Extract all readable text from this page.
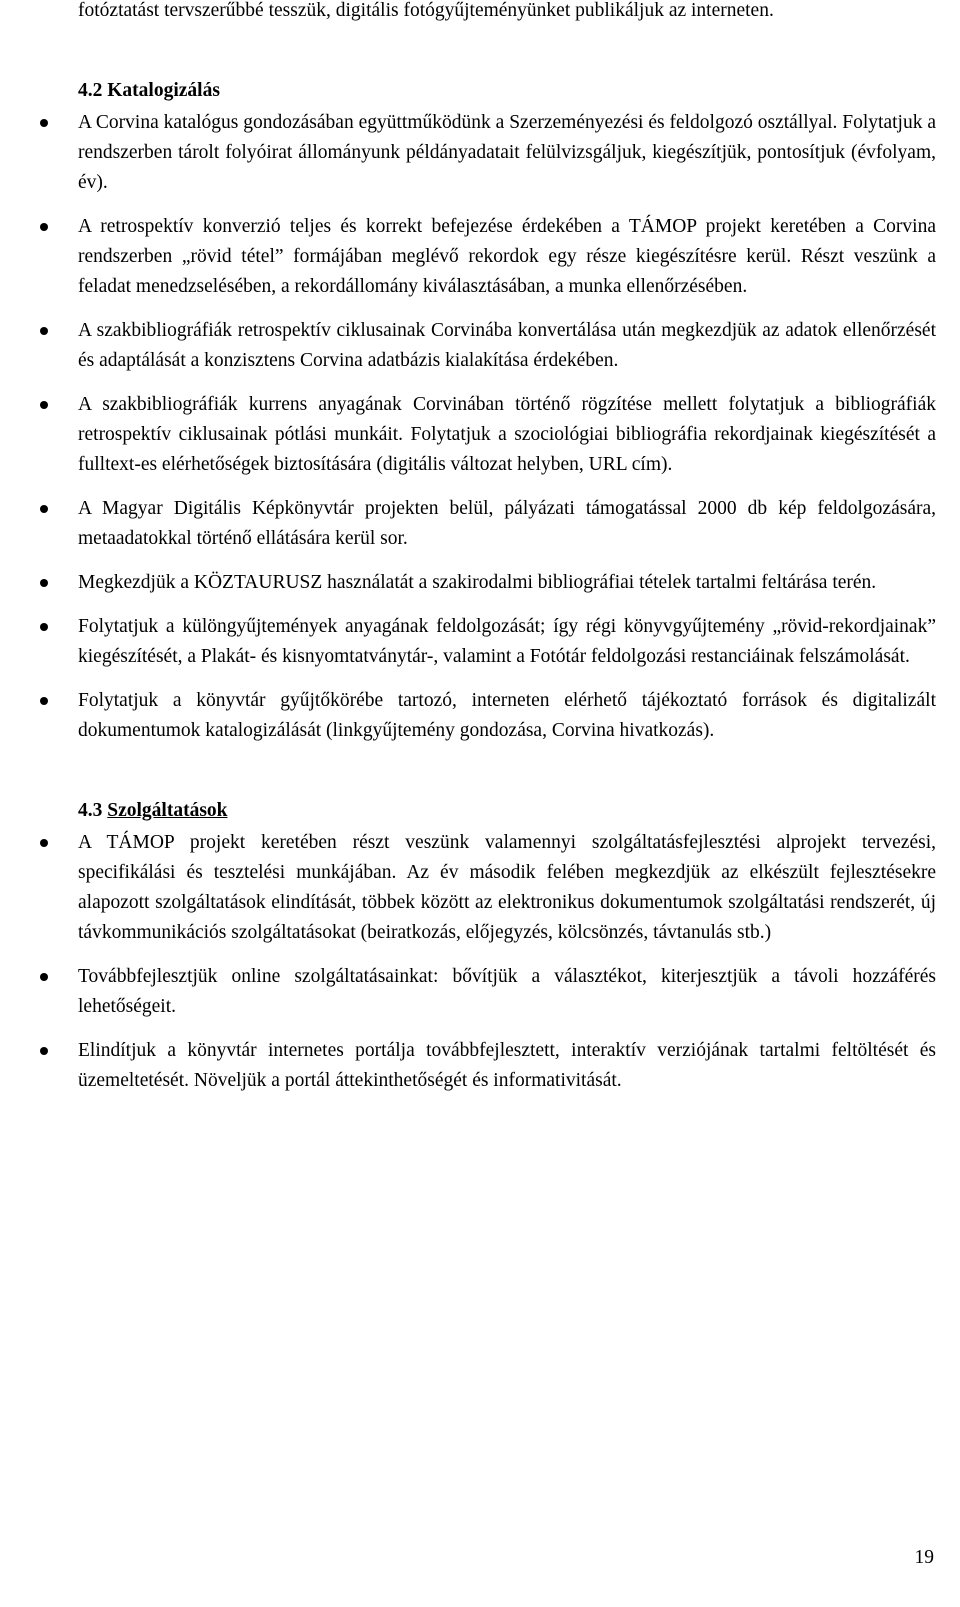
fotóztatást tervszerűbbé tesszük, digitális fotógyűjteményünket publikáljuk az interneten.

4.2 Katalogizálás
A Corvina katalógus gondozásában együttműködünk a Szerzeményezési és feldolgozó osztállyal. Folytatjuk a rendszerben tárolt folyóirat állományunk példányadatait felülvizsgáljuk, kiegészítjük, pontosítjuk (évfolyam, év).
A retrospektív konverzió teljes és korrekt befejezése érdekében a TÁMOP projekt keretében a Corvina rendszerben „rövid tétel” formájában meglévő rekordok egy része kiegészítésre kerül. Részt veszünk a feladat menedzselésében, a rekordállomány kiválasztásában, a munka ellenőrzésében.
A szakbibliográfiák retrospektív ciklusainak Corvinába konvertálása után megkezdjük az adatok ellenőrzését és adaptálását a konzisztens Corvina adatbázis kialakítása érdekében.
A szakbibliográfiák kurrens anyagának Corvinában történő rögzítése mellett folytatjuk a bibliográfiák retrospektív ciklusainak pótlási munkáit. Folytatjuk a szociológiai bibliográfia rekordjainak kiegészítését a fulltext-es elérhetőségek biztosítására (digitális változat helyben, URL cím).
A Magyar Digitális Képkönyvtár projekten belül, pályázati támogatással 2000 db kép feldolgozására, metaadatokkal történő ellátására kerül sor.
Megkezdjük a KÖZTAURUSZ használatát a szakirodalmi bibliográfiai tételek tartalmi feltárása terén.
Folytatjuk a különgyűjtemények anyagának feldolgozását; így régi könyvgyűjtemény „rövid-rekordjainak” kiegészítését, a Plakát- és kisnyomtatványtár-, valamint a Fotótár feldolgozási restanciáinak felszámolását.
Folytatjuk a könyvtár gyűjtőkörébe tartozó, interneten elérhető tájékoztató források és digitalizált dokumentumok katalogizálását (linkgyűjtemény gondozása, Corvina hivatkozás).
4.3 Szolgáltatások
A TÁMOP projekt keretében részt veszünk valamennyi szolgáltatásfejlesztési alprojekt tervezési, specifikálási és tesztelési munkájában. Az év második felében megkezdjük az elkészült fejlesztésekre alapozott szolgáltatások elindítását, többek között az elektronikus dokumentumok szolgáltatási rendszerét, új távkommunikációs szolgáltatásokat (beiratkozás, előjegyzés, kölcsönzés, távtanulás stb.)
Továbbfejlesztjük online szolgáltatásainkat: bővítjük a választékot, kiterjesztjük a távoli hozzáférés lehetőségeit.
Elindítjuk a könyvtár internetes portálja továbbfejlesztett, interaktív verziójának tartalmi feltöltését és üzemeltetését. Növeljük a portál áttekinthetőségét és informativitását.
19
